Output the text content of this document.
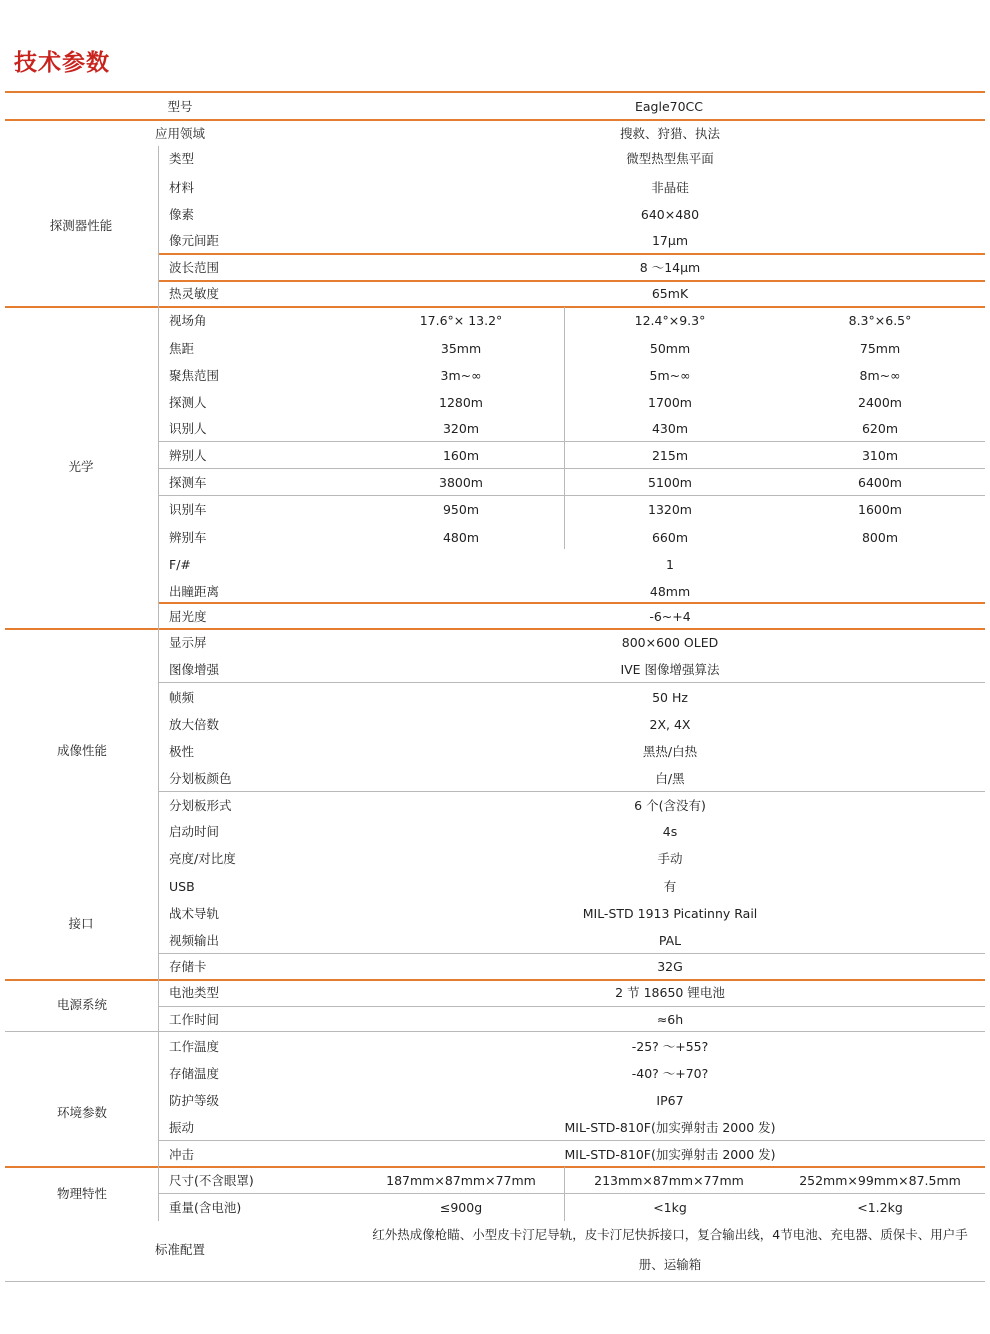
技术参数
型号	Eagle70CC
应用领域	搜救、狩猎、执法
探测器性能
类型	微型热型焦平面
材料	非晶硅
像素	640×480
像元间距	17μm
波长范围	8 ～14μm
热灵敏度	65mK
光学
视场角	17.6°× 13.2°	12.4°×9.3°	8.3°×6.5°
焦距	35mm	50mm	75mm
聚焦范围	3m~∞	5m~∞	8m~∞
探测人	1280m	1700m	2400m
识别人	320m	430m	620m
辨别人	160m	215m	310m
探测车	3800m	5100m	6400m
识别车	950m	1320m	1600m
辨别车	480m	660m	800m
F/#	1
出瞳距离	48mm
屈光度	-6~+4
成像性能
显示屏	800×600 OLED
图像增强	IVE 图像增强算法
帧频	50 Hz
放大倍数	2X, 4X
极性	黑热/白热
分划板颜色	白/黑
分划板形式	6 个(含没有)
启动时间	4s
亮度/对比度	手动
接口
USB	有
战术导轨	MIL-STD 1913 Picatinny Rail
视频输出	PAL
存储卡	32G
电源系统
电池类型	2 节 18650 锂电池
工作时间	≈6h
环境参数
工作温度	-25? ～+55?
存储温度	-40? ～+70?
防护等级	IP67
振动	MIL-STD-810F(加实弹射击 2000 发)
冲击	MIL-STD-810F(加实弹射击 2000 发)
物理特性
尺寸(不含眼罩)	187mm×87mm×77mm	213mm×87mm×77mm	252mm×99mm×87.5mm
重量(含电池)	≤900g	<1kg	<1.2kg
标准配置
红外热成像枪瞄、小型皮卡汀尼导轨，皮卡汀尼快拆接口，复合输出线，4节电池、充电器、质保卡、用户手册、运输箱
